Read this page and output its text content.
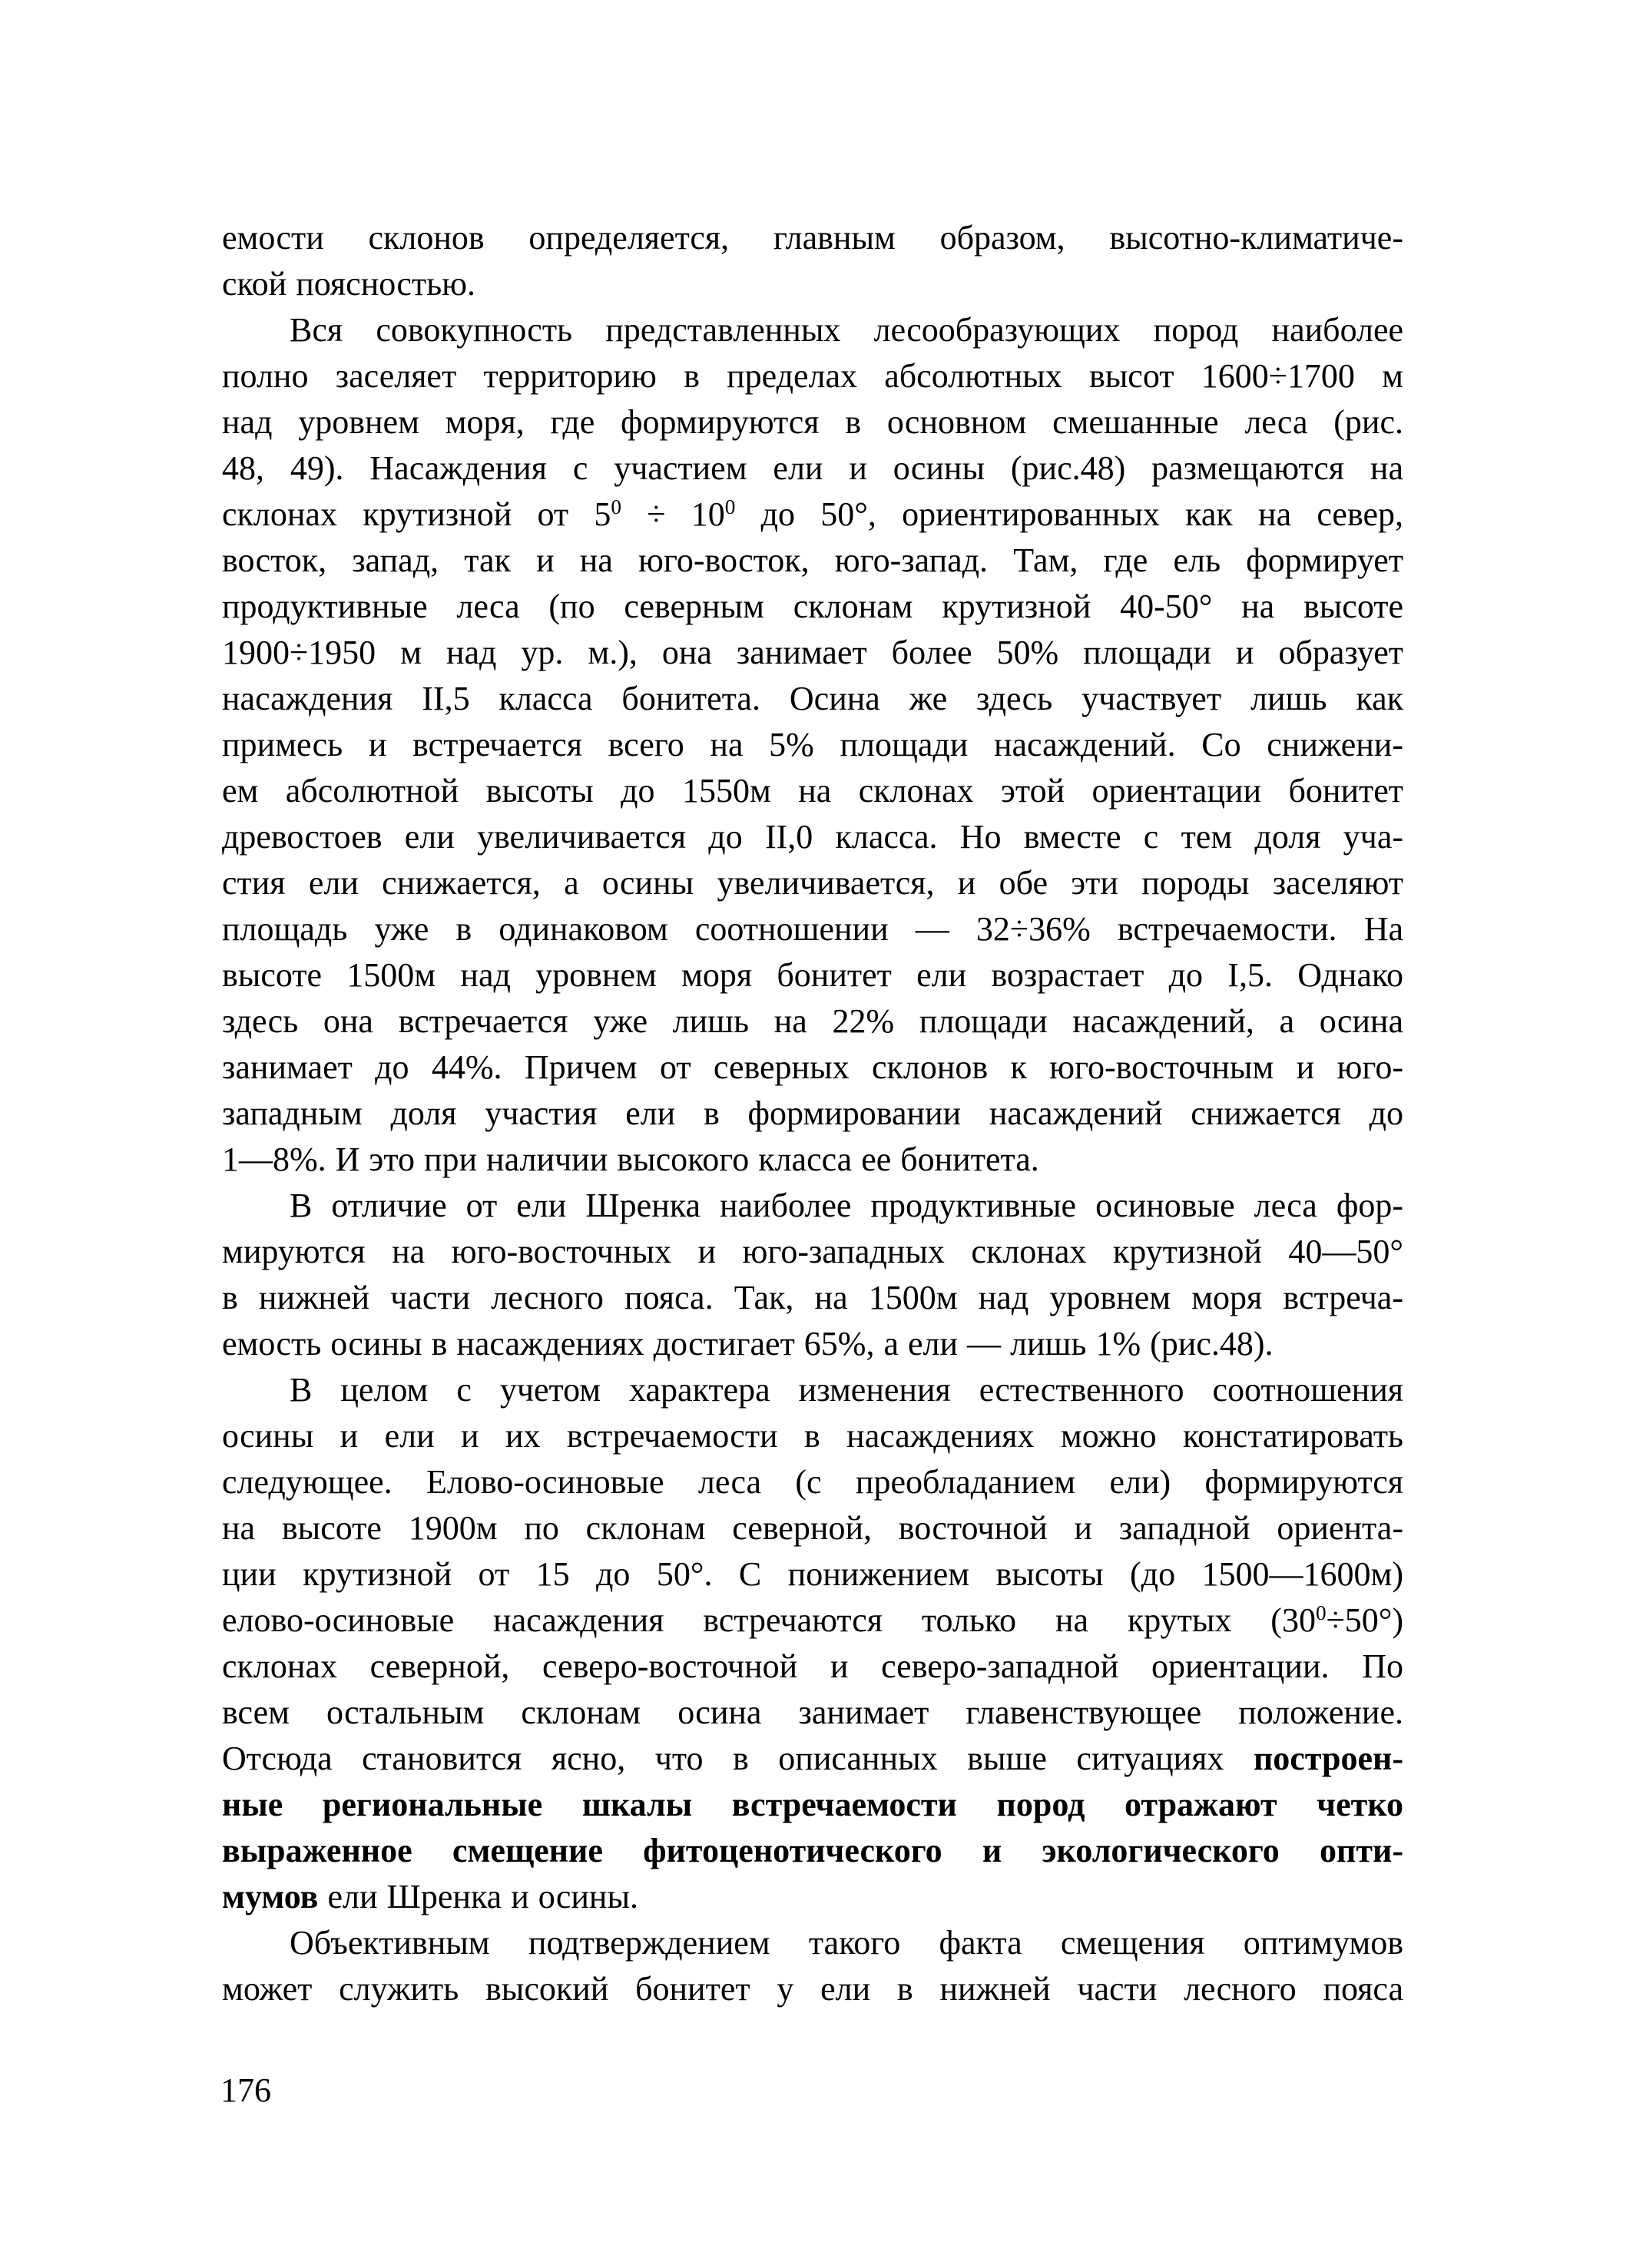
емости склонов определяется, главным образом, высотно-климатиче-
ской поясностью.
Вся совокупность представленных лесообразующих пород наиболее
полно заселяет территорию в пределах абсолютных высот 1600÷1700 м
над уровнем моря, где формируются в основном смешанные леса (рис.
48, 49). Насаждения с участием ели и осины (рис.48) размещаются на
склонах крутизной от $5^0 \div 10^0$ до 50°, ориентированных как на север,
восток, запад, так и на юго-восток, юго-запад. Там, где ель формирует
продуктивные леса (по северным склонам крутизной 40-50° на высоте
1900÷1950 м над ур. м.), она занимает более 50% площади и образует
насаждения II,5 класса бонитета. Осина же здесь участвует лишь как
примесь и встречается всего на 5% площади насаждений. Со снижени-
ем абсолютной высоты до 1550м на склонах этой ориентации бонитет
древостоев ели увеличивается до II,0 класса. Но вместе с тем доля уча-
стия ели снижается, а осины увеличивается, и обе эти породы заселяют
площадь уже в одинаковом соотношении — 32÷36% встречаемости. На
высоте 1500м над уровнем моря бонитет ели возрастает до I,5. Однако
здесь она встречается уже лишь на 22% площади насаждений, а осина
занимает до 44%. Причем от северных склонов к юго-восточным и юго-
западным доля участия ели в формировании насаждений снижается до
1—8%. И это при наличии высокого класса ее бонитета.
В отличие от ели Шренка наиболее продуктивные осиновые леса фор-
мируются на юго-восточных и юго-западных склонах крутизной 40—50°
в нижней части лесного пояса. Так, на 1500м над уровнем моря встреча-
емость осины в насаждениях достигает 65%, а ели — лишь 1% (рис.48).
В целом с учетом характера изменения естественного соотношения
осины и ели и их встречаемости в насаждениях можно констатировать
следующее. Елово-осиновые леса (с преобладанием ели) формируются
на высоте 1900м по склонам северной, восточной и западной ориента-
ции крутизной от 15 до 50°. С понижением высоты (до 1500—1600м)
елово-осиновые насаждения встречаются только на крутых $(30^0\div 50^\circ)$
склонах северной, северо-восточной и северо-западной ориентации. По
всем остальным склонам осина занимает главенствующее положение.
Отсюда становится ясно, что в описанных выше ситуациях построен-
ные региональные шкалы встречаемости пород отражают четко
выраженное смещение фитоценотического и экологического опти-
мумов ели Шренка и осины.
Объективным подтверждением такого факта смещения оптимумов
может служить высокий бонитет у ели в нижней части лесного пояса
176
